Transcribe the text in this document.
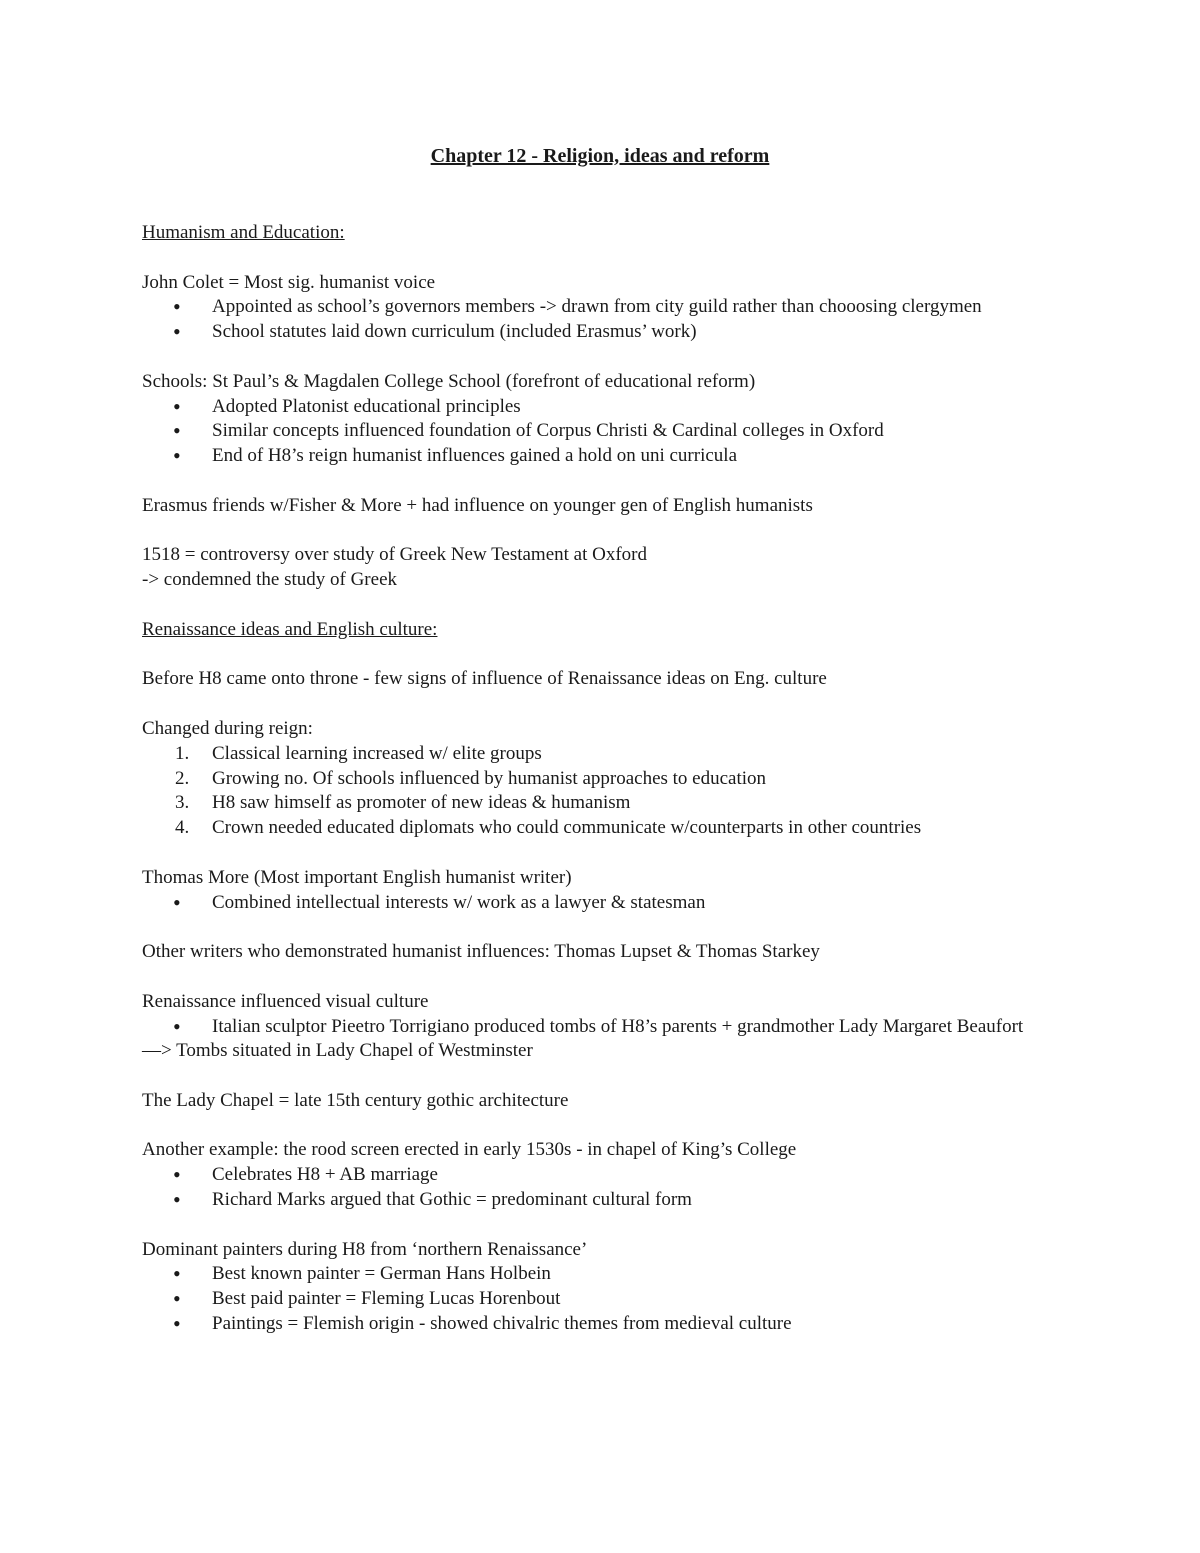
Chapter 12 - Religion, ideas and reform

Humanism and Education:

John Colet = Most sig. humanist voice

• Appointed as school’s governors members -> drawn from city guild rather than chooosing clergymen
• School statutes laid down curriculum (included Erasmus’ work)

Schools: St Paul’s & Magdalen College School (forefront of educational reform)

• Adopted Platonist educational principles
• Similar concepts influenced foundation of Corpus Christi & Cardinal colleges in Oxford
• End of H8’s reign humanist influences gained a hold on uni curricula

Erasmus friends w/Fisher & More + had influence on younger gen of English humanists

1518 = controversy over study of Greek New Testament at Oxford

-> condemned the study of Greek

Renaissance ideas and English culture:

Before H8 came onto throne - few signs of influence of Renaissance ideas on Eng. culture

Changed during reign:

1. Classical learning increased w/ elite groups
2. Growing no. Of schools influenced by humanist approaches to education
3. H8 saw himself as promoter of new ideas & humanism
4. Crown needed educated diplomats who could communicate w/counterparts in other countries

Thomas More (Most important English humanist writer)

• Combined intellectual interests w/ work as a lawyer & statesman

Other writers who demonstrated humanist influences: Thomas Lupset & Thomas Starkey

Renaissance influenced visual culture

• Italian sculptor Pieetro Torrigiano produced tombs of H8’s parents + grandmother Lady Margaret Beaufort

—> Tombs situated in Lady Chapel of Westminster

The Lady Chapel = late 15th century gothic architecture

Another example: the rood screen erected in early 1530s - in chapel of King’s College

• Celebrates H8 + AB marriage
• Richard Marks argued that Gothic = predominant cultural form

Dominant painters during H8 from ‘northern Renaissance’

• Best known painter = German Hans Holbein
• Best paid painter = Fleming Lucas Horenbout
• Paintings = Flemish origin - showed chivalric themes from medieval culture
